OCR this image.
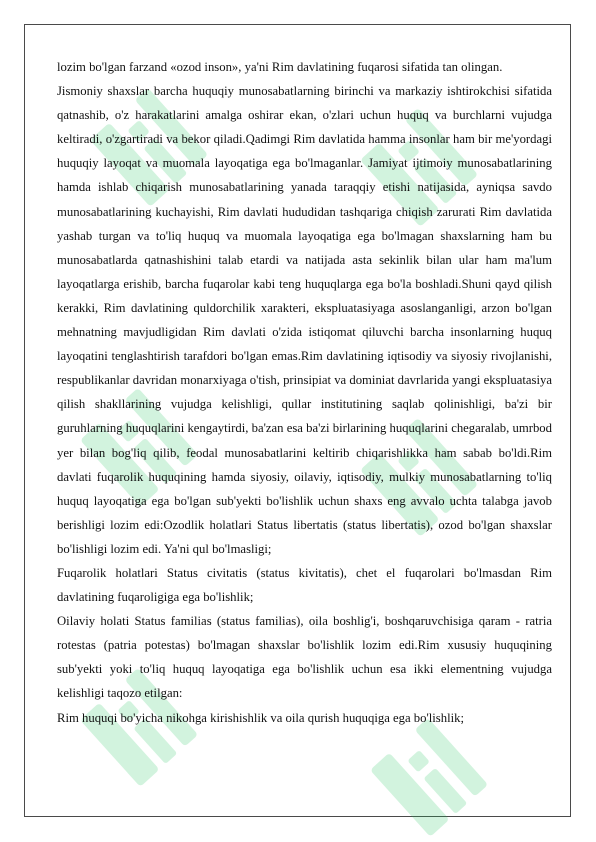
lozim bo'lgan farzand «ozod inson», ya'ni Rim davlatining fuqarosi sifatida tan olingan.

Jismoniy shaxslar barcha huquqiy munosabatlarning birinchi va markaziy ishtirokchisi sifatida qatnashib, o'z harakatlarini amalga oshirar ekan, o'zlari uchun huquq va burchlarni vujudga keltiradi, o'zgartiradi va bekor qiladi.Qadimgi Rim davlatida hamma insonlar ham bir me'yordagi huquqiy layoqat va muomala layoqatiga ega bo'lmaganlar. Jamiyat ijtimoiy munosabatlarining hamda ishlab chiqarish munosabatlarining yanada taraqqiy etishi natijasida, ayniqsa savdo munosabatlarining kuchayishi, Rim davlati hududidan tashqariga chiqish zarurati Rim davlatida yashab turgan va to'liq huquq va muomala layoqatiga ega bo'lmagan shaxslarning ham bu munosabatlarda qatnashishini talab etardi va natijada asta sekinlik bilan ular ham ma'lum layoqatlarga erishib, barcha fuqarolar kabi teng huquqlarga ega bo'la boshladi.Shuni qayd qilish kerakki, Rim davlatining quldorchilik xarakteri, ekspluatasiyaga asoslanganligi, arzon bo'lgan mehnatning mavjudligidan Rim davlati o'zida istiqomat qiluvchi barcha insonlarning huquq layoqatini tenglashtirish tarafdori bo'lgan emas.Rim davlatining iqtisodiy va siyosiy rivojlanishi, respublikanlar davridan monarxiyaga o'tish, prinsipiat va dominiat davrlarida yangi ekspluatasiya qilish shakllarining vujudga kelishligi, qullar institutining saqlab qolinishligi, ba'zi bir guruhlarning huquqlarini kengaytirdi, ba'zan esa ba'zi birlarining huquqlarini chegaralab, umrbod yer bilan bog'liq qilib, feodal munosabatlarini keltirib chiqarishlikka ham sabab bo'ldi.Rim davlati fuqarolik huquqining hamda siyosiy, oilaviy, iqtisodiy, mulkiy munosabatlarning to'liq huquq layoqatiga ega bo'lgan sub'yekti bo'lishlik uchun shaxs eng avvalo uchta talabga javob berishligi lozim edi:Ozodlik holatlari Status libertatis (status libertatis), ozod bo'lgan shaxslar bo'lishligi lozim edi. Ya'ni qul bo'lmasligi;

Fuqarolik holatlari Status civitatis (status kivitatis), chet el fuqarolari bo'lmasdan Rim davlatining fuqaroligiga ega bo'lishlik;

Oilaviy holati Status familias (status familias), oila boshlig'i, boshqaruvchisiga qaram - ratria rotestas (patria potestas) bo'lmagan shaxslar bo'lishlik lozim edi.Rim xususiy huquqining sub'yekti yoki to'liq huquq layoqatiga ega bo'lishlik uchun esa ikki elementning vujudga kelishligi taqozo etilgan:

Rim huquqi bo'yicha nikohga kirishishlik va oila qurish huquqiga ega bo'lishlik;
